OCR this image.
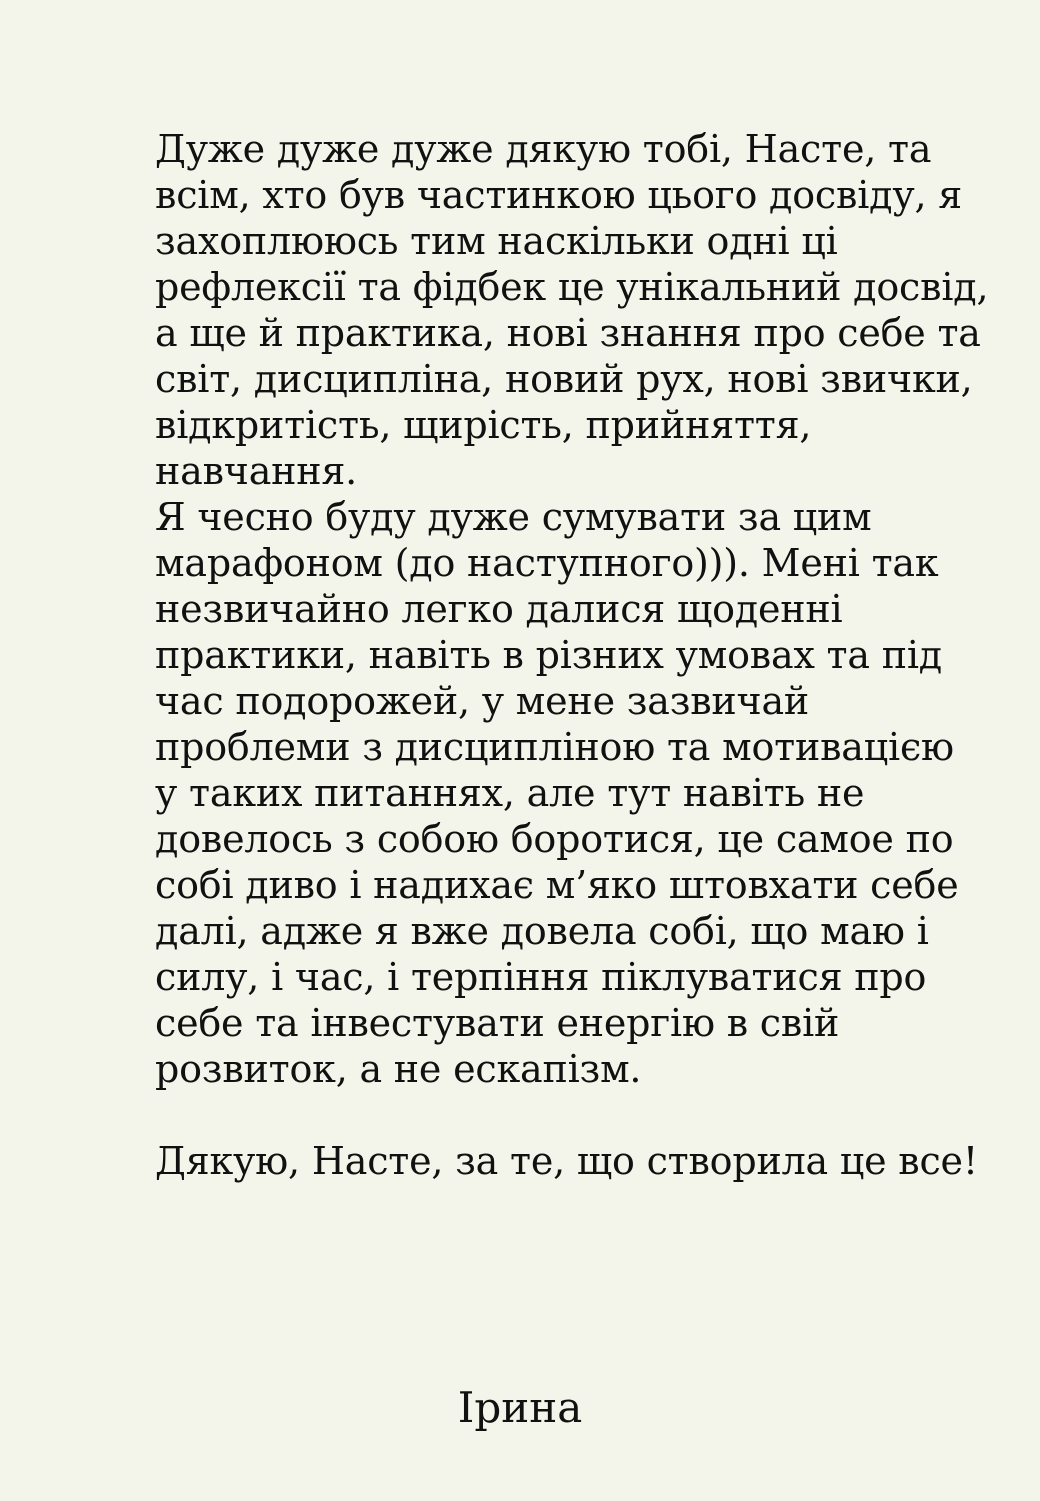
Дуже дуже дуже дякую тобі, Насте, та
всім, хто був частинкою цього досвіду, я
захоплююсь тим наскільки одні ці
рефлексії та фідбек це унікальний досвід,
а ще й практика, нові знання про себе та
світ, дисципліна, новий рух, нові звички,
відкритість, щирість, прийняття,
навчання.
Я чесно буду дуже сумувати за цим
марафоном (до наступного))). Мені так
незвичайно легко далися щоденні
практики, навіть в різних умовах та під
час подорожей, у мене зазвичай
проблеми з дисципліною та мотивацією
у таких питаннях, але тут навіть не
довелось з собою боротися, це самое по
собі диво і надихає м’яко штовхати себе
далі, адже я вже довела собі, що маю і
силу, і час, і терпіння піклуватися про
себе та інвестувати енергію в свій
розвиток, а не ескапізм.
Дякую, Насте, за те, що створила це все!
Ірина
